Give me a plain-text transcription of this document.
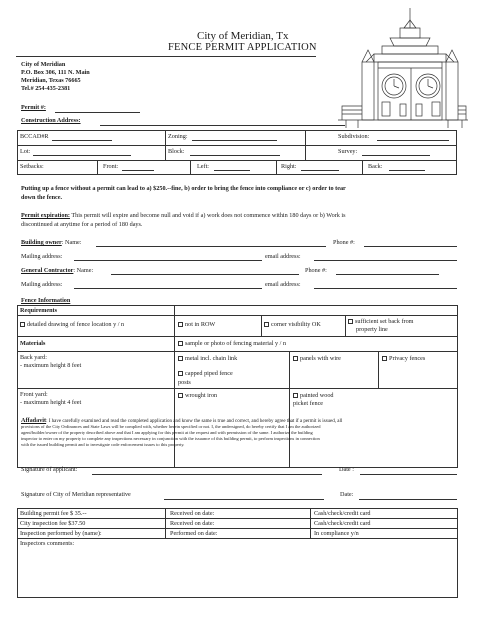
City of Meridian, Tx
FENCE PERMIT APPLICATION
City of Meridian
P.O. Box 306, 111 N. Main
Meridian, Texas 76665
Tel.# 254-435-2381
Permit #:
Construction Address:
BCCAD#R	Zoning:	Subdivision:
Lot:	Block:	Survey:
Setbacks:	Front:	Left:	Right:	Back:
Putting up a fence without a permit can lead to a) $250.--fine, b) order to bring the fence into compliance or c) order to tear
down the fence.
Permit expiration: This permit will expire and become null and void if a) work does not commence within 180 days or b) Work is
discontinued at anytime for a period of 180 days.
Building owner: Name:	Phone #:
Mailing address:	email address:
General Contractor: Name:	Phone #:
Mailing address:	email address:
Fence Information
Requirements
detailed drawing of fence location y / n	not in ROW	corner visibility OK	sufficient set back from
property line
Materials	sample or photo of fencing material y / n
Back yard:
- maximum height 8 feet
metal incl. chain link	panels with wire	Privacy fences
capped piped fence
posts
Front yard:
- maximum height 4 feet
wrought iron	painted wood
picket fence
Affadavit: I have carefully examined and read the completed application and know the same is true and correct, and hereby agree that if a permit is issued, all
provisions of the City Ordinances and State Laws will be complied with, whether herein specified or not. I, the undersigned, do hereby certify that I am the authorized
agent/builder/owner of the property described above and that I am applying for this permit at the request and with permission of the same. I authorize the building
inspector to enter on my property to complete any inspections necessary in conjunction with the issuance of this building permit, to perform inspections in connection
with the issued building permit and to investigate code enforcement issues to this property.
Signature of applicant:	Date :
Signature of City of Meridian representative	Date:
Building permit fee $ 35.--	Received on date:	Cash/check/credit card
City inspection fee $37.50	Received on date:	Cash/check/credit card
Inspection performed by (name):	Performed on date:	In compliance y/n
Inspectors comments:
